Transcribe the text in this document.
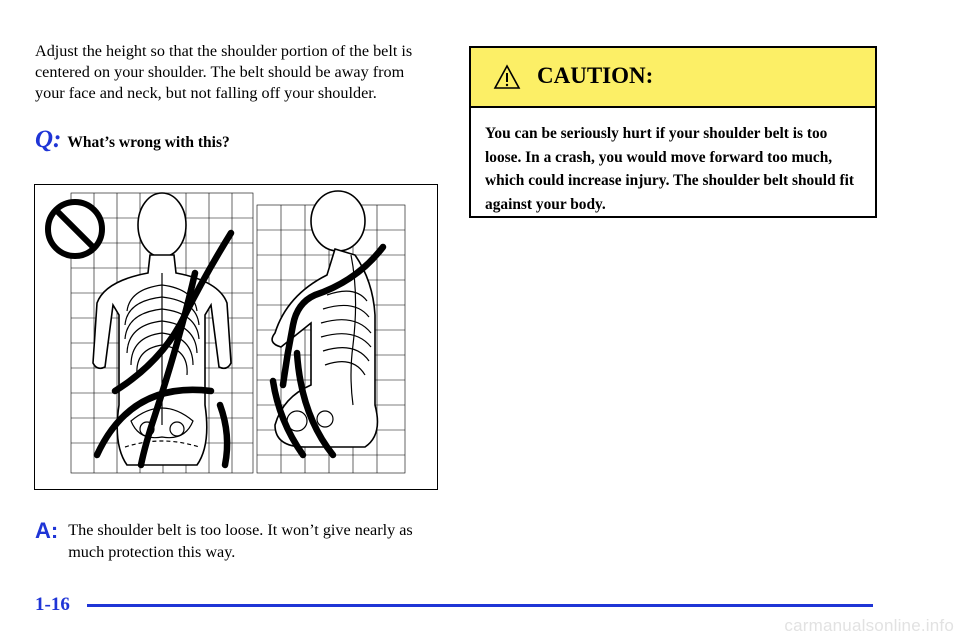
Adjust the height so that the shoulder portion of the belt is centered on your shoulder. The belt should be away from your face and neck, but not falling off your shoulder.

Q: What’s wrong with this?
A: The shoulder belt is too loose. It won’t give nearly as much protection this way.
CAUTION:
You can be seriously hurt if your shoulder belt is too loose. In a crash, you would move forward too much, which could increase injury. The shoulder belt should fit against your body.
1-16
carmanualsonline.info
